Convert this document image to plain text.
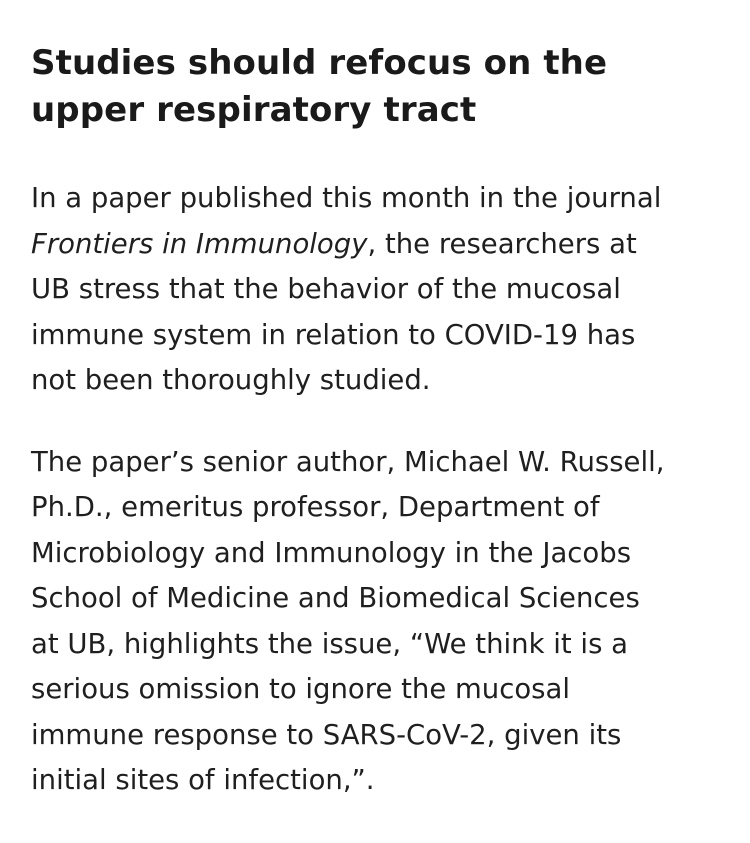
Studies should refocus on the
upper respiratory tract

In a paper published this month in the journal
Frontiers in Immunology, the researchers at
UB stress that the behavior of the mucosal
immune system in relation to COVID-19 has
not been thoroughly studied.

The paper’s senior author, Michael W. Russell,
Ph.D., emeritus professor, Department of
Microbiology and Immunology in the Jacobs
School of Medicine and Biomedical Sciences
at UB, highlights the issue, “We think it is a
serious omission to ignore the mucosal
immune response to SARS-CoV-2, given its
initial sites of infection,”.
